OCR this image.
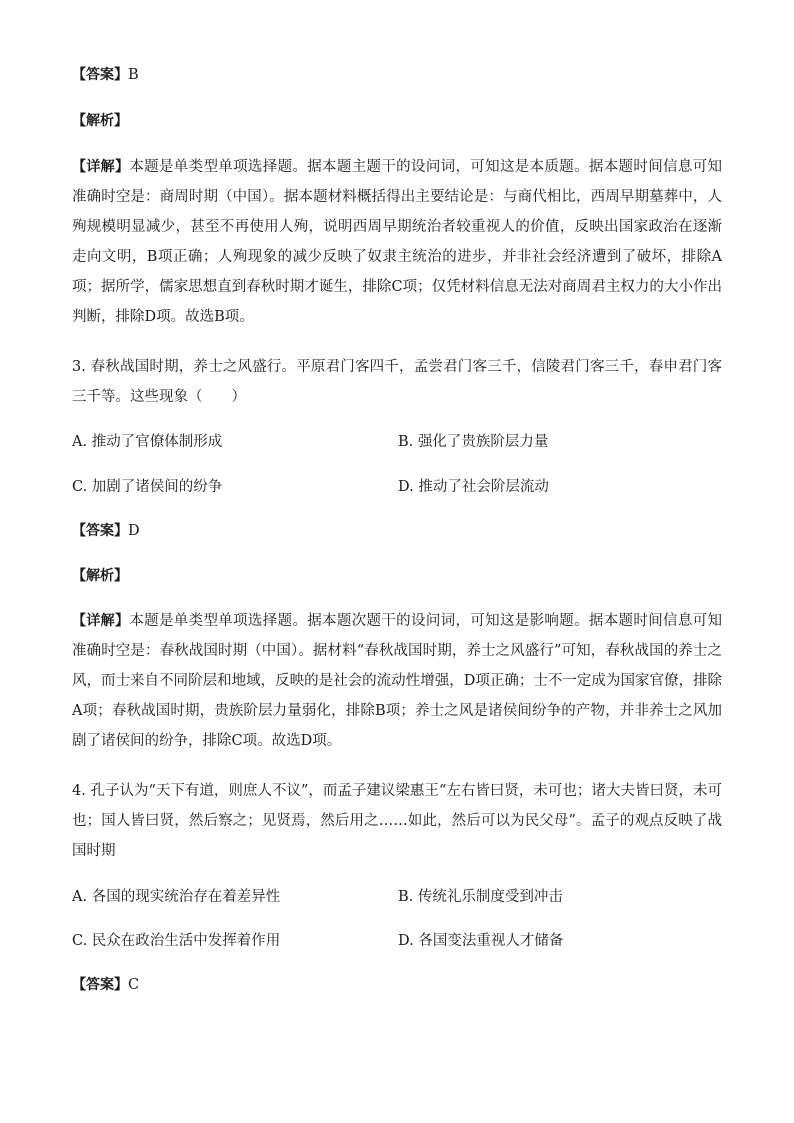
【答案】B
【解析】
【详解】本题是单类型单项选择题。据本题主题干的设问词，可知这是本质题。据本题时间信息可知准确时空是：商周时期（中国）。据本题材料概括得出主要结论是：与商代相比，西周早期墓葬中，人殉规模明显减少，甚至不再使用人殉，说明西周早期统治者较重视人的价值，反映出国家政治在逐渐走向文明，B项正确；人殉现象的减少反映了奴隶主统治的进步，并非社会经济遭到了破坏，排除A项；据所学，儒家思想直到春秋时期才诞生，排除C项；仅凭材料信息无法对商周君主权力的大小作出判断，排除D项。故选B项。
3. 春秋战国时期，养士之风盛行。平原君门客四千，孟尝君门客三千，信陵君门客三千，春申君门客三千等。这些现象（　　）
A. 推动了官僚体制形成	B. 强化了贵族阶层力量
C. 加剧了诸侯间的纷争	D. 推动了社会阶层流动
【答案】D
【解析】
【详解】本题是单类型单项选择题。据本题次题干的设问词，可知这是影响题。据本题时间信息可知准确时空是：春秋战国时期（中国）。据材料“春秋战国时期，养士之风盛行”可知，春秋战国的养士之风，而士来自不同阶层和地域，反映的是社会的流动性增强，D项正确；士不一定成为国家官僚，排除A项；春秋战国时期，贵族阶层力量弱化，排除B项；养士之风是诸侯间纷争的产物，并非养士之风加剧了诸侯间的纷争，排除C项。故选D项。
4. 孔子认为“天下有道，则庶人不议”，而孟子建议梁惠王“左右皆曰贤，未可也；诸大夫皆曰贤，未可也；国人皆曰贤，然后察之；见贤焉，然后用之……如此，然后可以为民父母”。孟子的观点反映了战国时期
A. 各国的现实统治存在着差异性	B. 传统礼乐制度受到冲击
C. 民众在政治生活中发挥着作用	D. 各国变法重视人才储备
【答案】C
